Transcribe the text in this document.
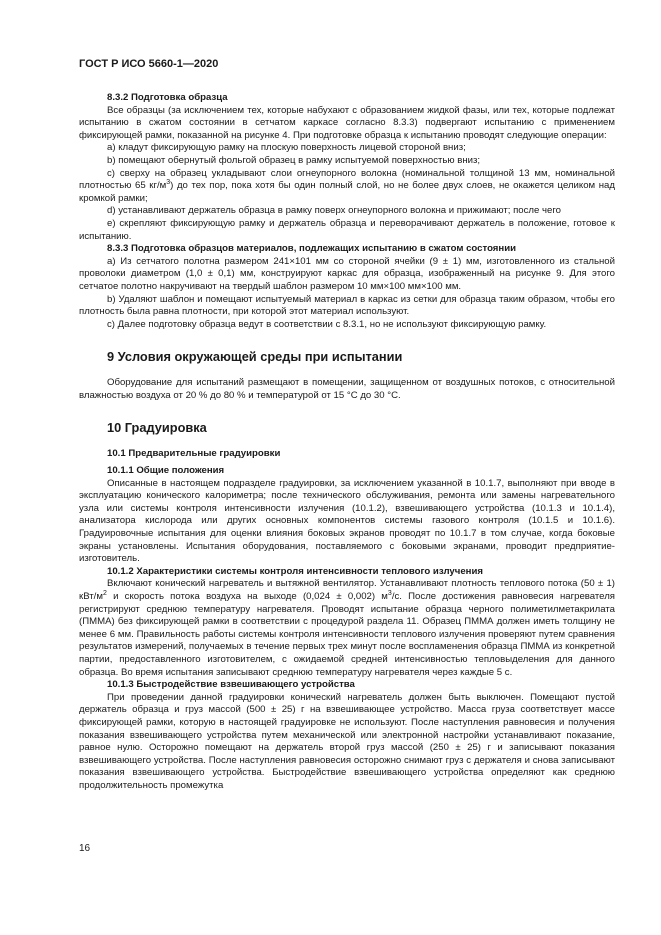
ГОСТ Р ИСО 5660-1—2020

8.3.2 Подготовка образца

Все образцы (за исключением тех, которые набухают с образованием жидкой фазы, или тех, которые подлежат испытанию в сжатом состоянии в сетчатом каркасе согласно 8.3.3) подвергают испытанию с применением фиксирующей рамки, показанной на рисунке 4. При подготовке образца к испытанию проводят следующие операции:

а) кладут фиксирующую рамку на плоскую поверхность лицевой стороной вниз;

b) помещают обернутый фольгой образец в рамку испытуемой поверхностью вниз;

c) сверху на образец укладывают слои огнеупорного волокна (номинальной толщиной 13 мм, номинальной плотностью 65 $кг/м^3$) до тех пор, пока хотя бы один полный слой, но не более двух слоев, не окажется целиком над кромкой рамки;

d) устанавливают держатель образца в рамку поверх огнеупорного волокна и прижимают; после чего

e) скрепляют фиксирующую рамку и держатель образца и переворачивают держатель в положение, готовое к испытанию.

8.3.3 Подготовка образцов материалов, подлежащих испытанию в сжатом состоянии

а) Из сетчатого полотна размером 241×101 мм со стороной ячейки (9 ± 1) мм, изготовленного из стальной проволоки диаметром (1,0 ± 0,1) мм, конструируют каркас для образца, изображенный на рисунке 9. Для этого сетчатое полотно накручивают на твердый шаблон размером 10 мм×100 мм×100 мм.

b) Удаляют шаблон и помещают испытуемый материал в каркас из сетки для образца таким образом, чтобы его плотность была равна плотности, при которой этот материал используют.

c) Далее подготовку образца ведут в соответствии с 8.3.1, но не используют фиксирующую рамку.

9 Условия окружающей среды при испытании

Оборудование для испытаний размещают в помещении, защищенном от воздушных потоков, с относительной влажностью воздуха от 20 % до 80 % и температурой от 15 °С до 30 °С.

10 Градуировка

10.1 Предварительные градуировки

10.1.1 Общие положения

Описанные в настоящем подразделе градуировки, за исключением указанной в 10.1.7, выполняют при вводе в эксплуатацию конического калориметра; после технического обслуживания, ремонта или замены нагревательного узла или системы контроля интенсивности излучения (10.1.2), взвешивающего устройства (10.1.3 и 10.1.4), анализатора кислорода или других основных компонентов системы газового контроля (10.1.5 и 10.1.6). Градуировочные испытания для оценки влияния боковых экранов проводят по 10.1.7 в том случае, когда боковые экраны установлены. Испытания оборудования, поставляемого с боковыми экранами, проводит предприятие-изготовитель.

10.1.2 Характеристики системы контроля интенсивности теплового излучения

Включают конический нагреватель и вытяжной вентилятор. Устанавливают плотность теплового потока (50 ± 1) кВт/$м^2$ и скорость потока воздуха на выходе (0,024 ± 0,002) $м^3/с$. После достижения равновесия нагревателя регистрируют среднюю температуру нагревателя. Проводят испытание образца черного полиметилметакрилата (ПММА) без фиксирующей рамки в соответствии с процедурой раздела 11. Образец ПММА должен иметь толщину не менее 6 мм. Правильность работы системы контроля интенсивности теплового излучения проверяют путем сравнения результатов измерений, получаемых в течение первых трех минут после воспламенения образца ПММА из конкретной партии, предоставленного изготовителем, с ожидаемой средней интенсивностью тепловыделения для данного образца. Во время испытания записывают среднюю температуру нагревателя через каждые 5 с.

10.1.3 Быстродействие взвешивающего устройства

При проведении данной градуировки конический нагреватель должен быть выключен. Помещают пустой держатель образца и груз массой (500 ± 25) г на взвешивающее устройство. Масса груза соответствует массе фиксирующей рамки, которую в настоящей градуировке не используют. После наступления равновесия и получения показания взвешивающего устройства путем механической или электронной настройки устанавливают показание, равное нулю. Осторожно помещают на держатель второй груз массой (250 ± 25) г и записывают показания взвешивающего устройства. После наступления равновесия осторожно снимают груз с держателя и снова записывают показания взвешивающего устройства. Быстродействие взвешивающего устройства определяют как среднюю продолжительность промежутка

16
